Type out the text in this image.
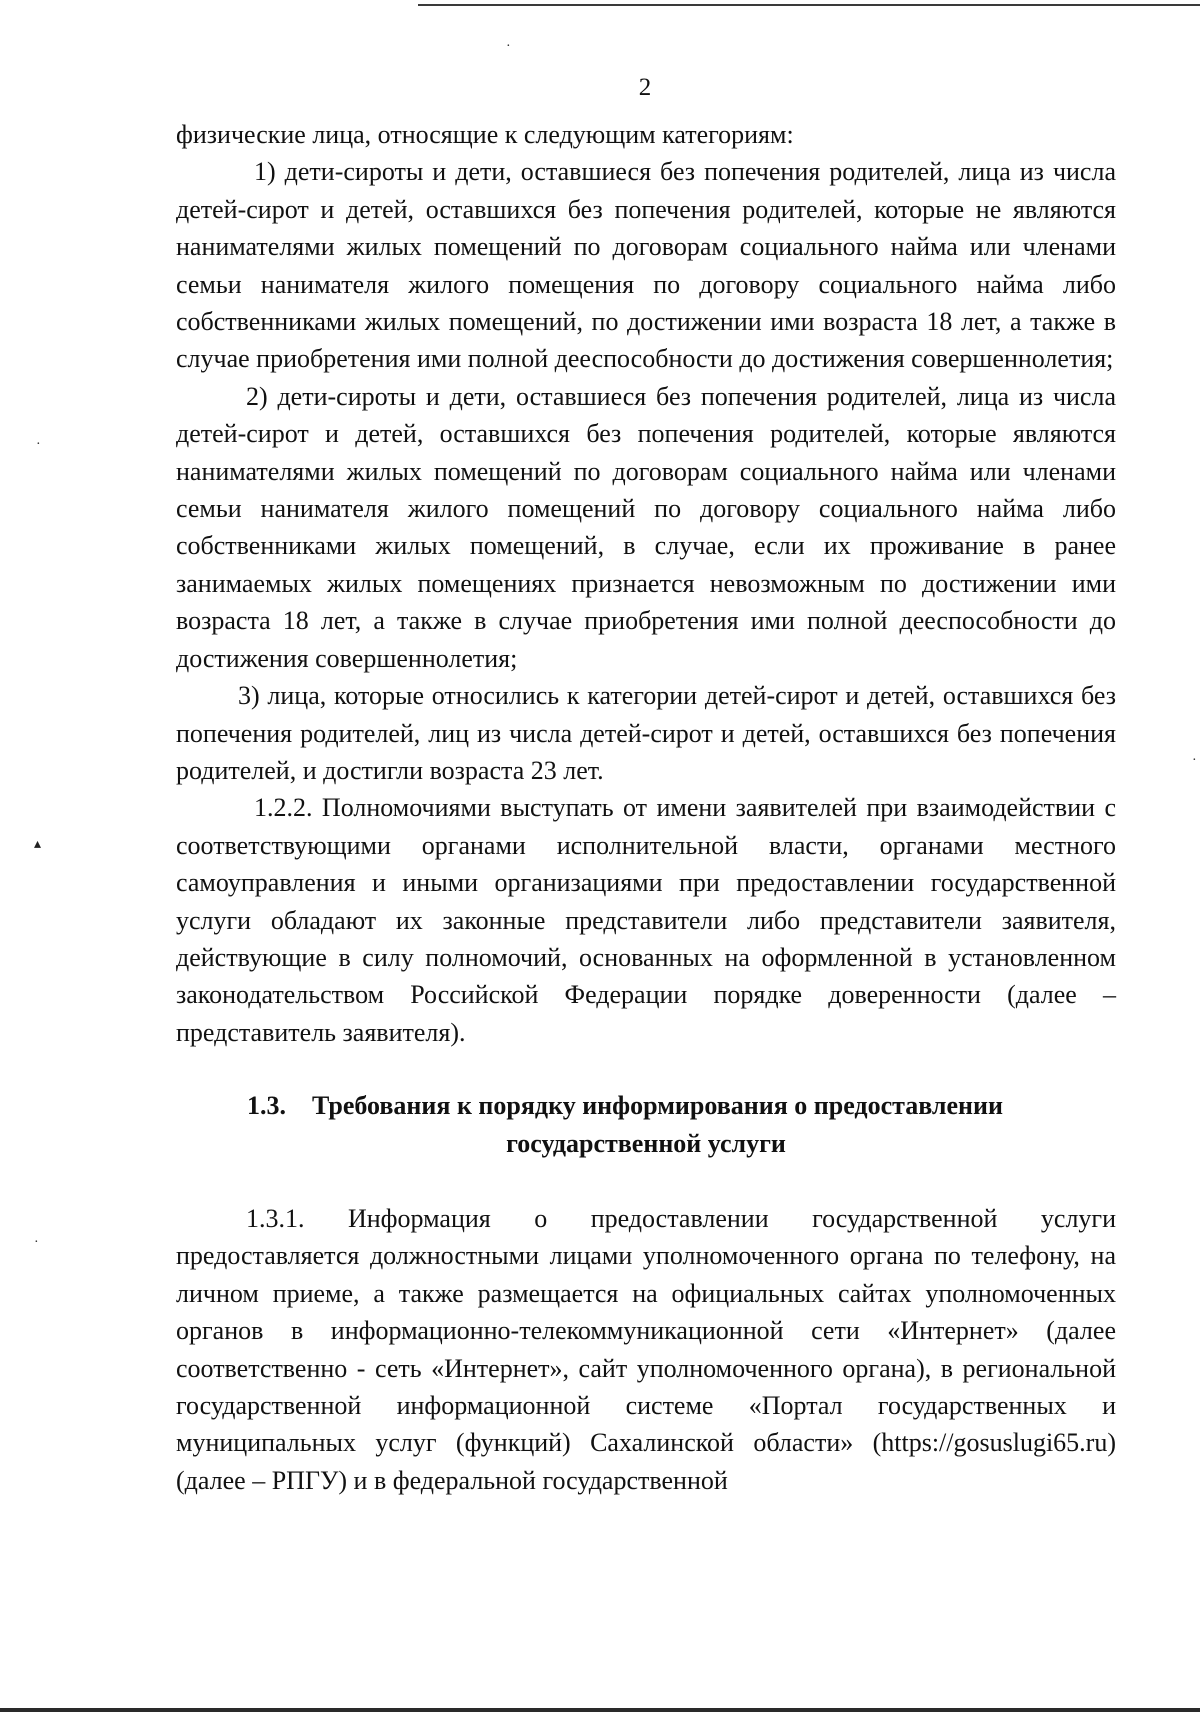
·
▴
·
·
·
2

физические лица, относящие к следующим категориям:

1) дети-сироты и дети, оставшиеся без попечения родителей, лица из числа детей-сирот и детей, оставшихся без попечения родителей, которые не являются нанимателями жилых помещений по договорам социального найма или членами семьи нанимателя жилого помещения по договору социального найма либо собственниками жилых помещений, по достижении ими возраста 18 лет, а также в случае приобретения ими полной дееспособности до достижения совершеннолетия;

2) дети-сироты и дети, оставшиеся без попечения родителей, лица из числа детей-сирот и детей, оставшихся без попечения родителей, которые являются нанимателями жилых помещений по договорам социального найма или членами семьи нанимателя жилого помещений по договору социального найма либо собственниками жилых помещений, в случае, если их проживание в ранее занимаемых жилых помещениях признается невозможным по достижении ими возраста 18 лет, а также в случае приобретения ими полной дееспособности до достижения совершеннолетия;

3) лица, которые относились к категории детей-сирот и детей, оставшихся без попечения родителей, лиц из числа детей-сирот и детей, оставшихся без попечения родителей, и достигли возраста 23 лет.

1.2.2. Полномочиями выступать от имени заявителей при взаимодействии с соответствующими органами исполнительной власти, органами местного самоуправления и иными организациями при предоставлении государственной услуги обладают их законные представители либо представители заявителя, действующие в силу полномочий, основанных на оформленной в установленном законодательством Российской Федерации порядке доверенности (далее – представитель заявителя).

1.3. Требования к порядку информирования о предоставлении
государственной услуги

1.3.1. Информация о предоставлении государственной услуги предоставляется должностными лицами уполномоченного органа по телефону, на личном приеме, а также размещается на официальных сайтах уполномоченных органов в информационно-телекоммуникационной сети «Интернет» (далее соответственно - сеть «Интернет», сайт уполномоченного органа), в региональной государственной информационной системе «Портал государственных и муниципальных услуг (функций) Сахалинской области» (https://gosuslugi65.ru) (далее – РПГУ) и в федеральной государственной
